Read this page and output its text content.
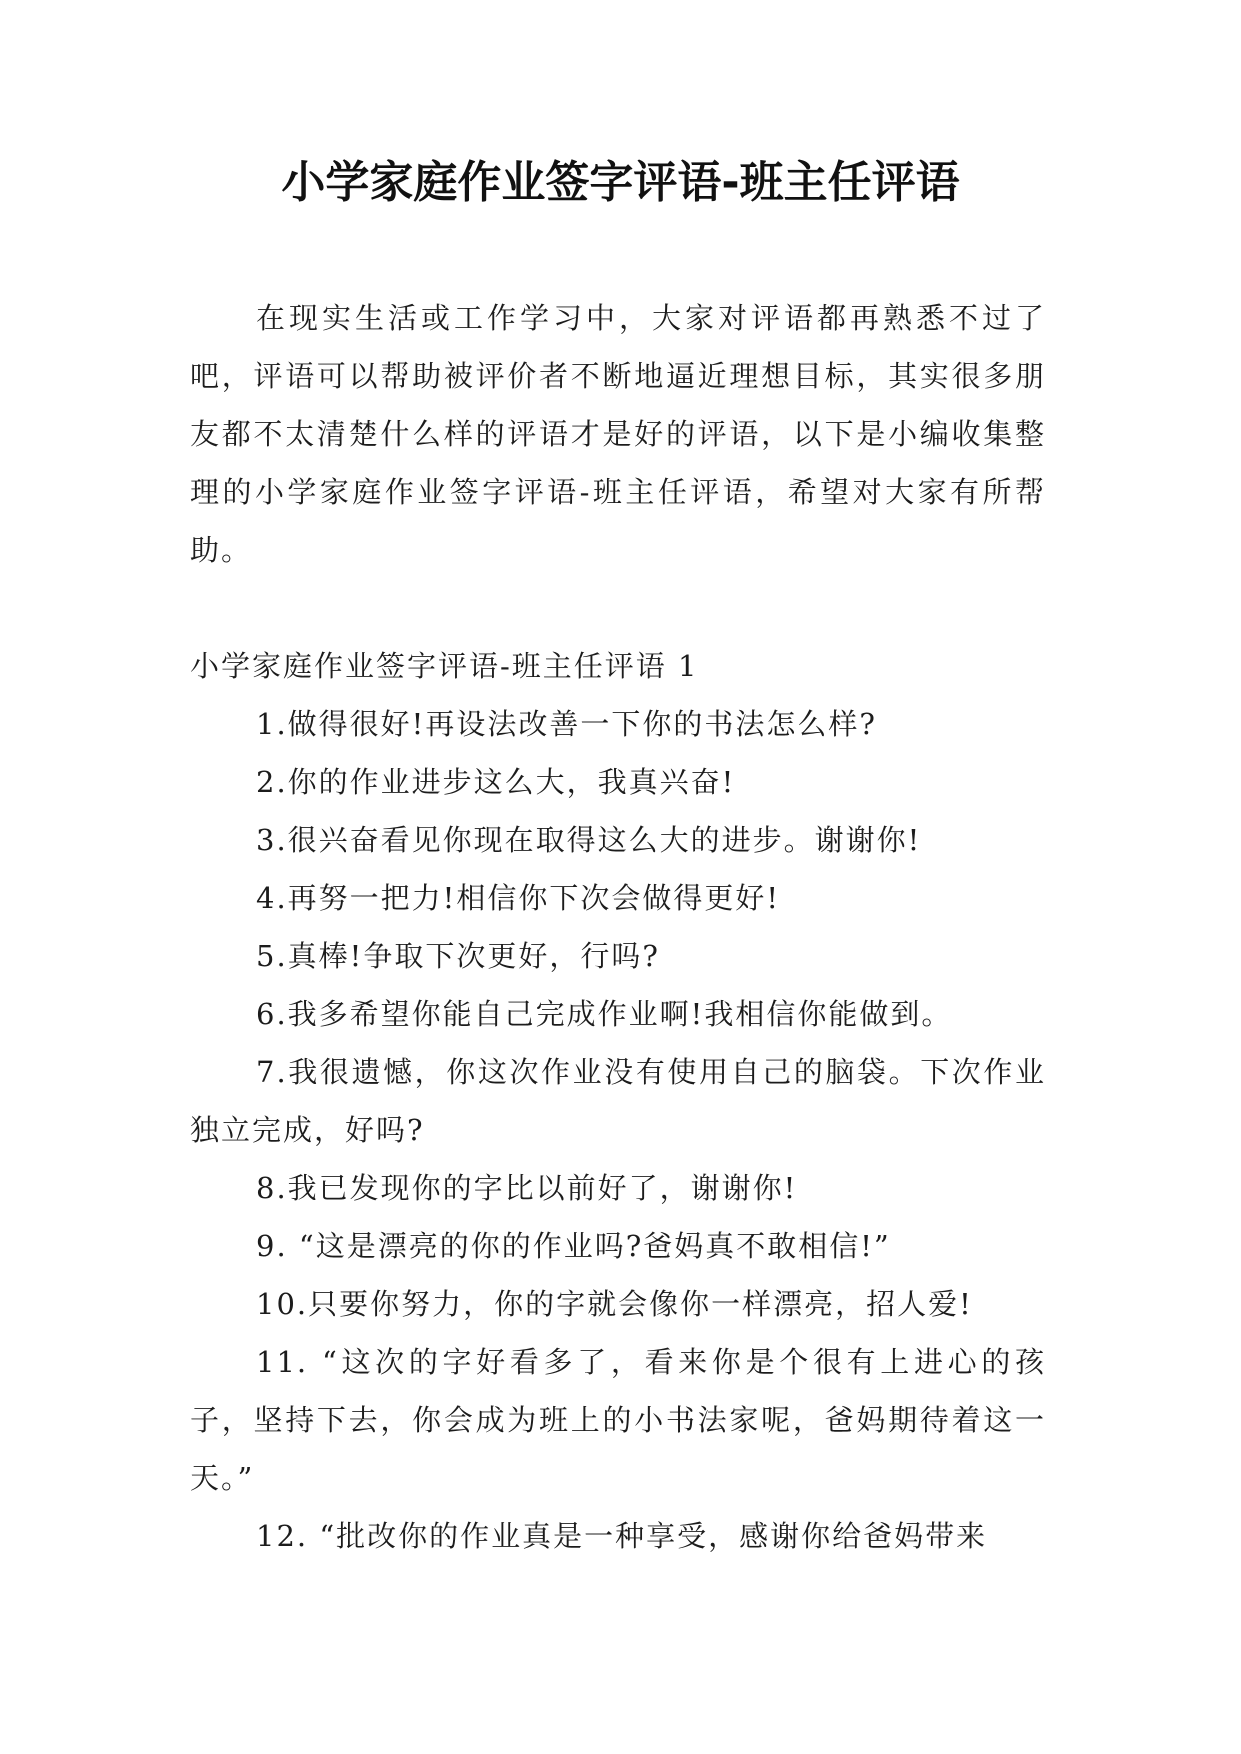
小学家庭作业签字评语-班主任评语

在现实生活或工作学习中，大家对评语都再熟悉不过了吧，评语可以帮助被评价者不断地逼近理想目标，其实很多朋友都不太清楚什么样的评语才是好的评语，以下是小编收集整理的小学家庭作业签字评语-班主任评语，希望对大家有所帮助。

小学家庭作业签字评语-班主任评语 1

1.做得很好!再设法改善一下你的书法怎么样?

2.你的作业进步这么大，我真兴奋!

3.很兴奋看见你现在取得这么大的进步。谢谢你!

4.再努一把力!相信你下次会做得更好!

5.真棒!争取下次更好，行吗?

6.我多希望你能自己完成作业啊!我相信你能做到。

7.我很遗憾，你这次作业没有使用自己的脑袋。下次作业独立完成，好吗?

8.我已发现你的字比以前好了，谢谢你!

9. “这是漂亮的你的作业吗?爸妈真不敢相信!”

10.只要你努力，你的字就会像你一样漂亮，招人爱!

11. “这次的字好看多了，看来你是个很有上进心的孩子，坚持下去，你会成为班上的小书法家呢，爸妈期待着这一天。”

12. “批改你的作业真是一种享受，感谢你给爸妈带来
